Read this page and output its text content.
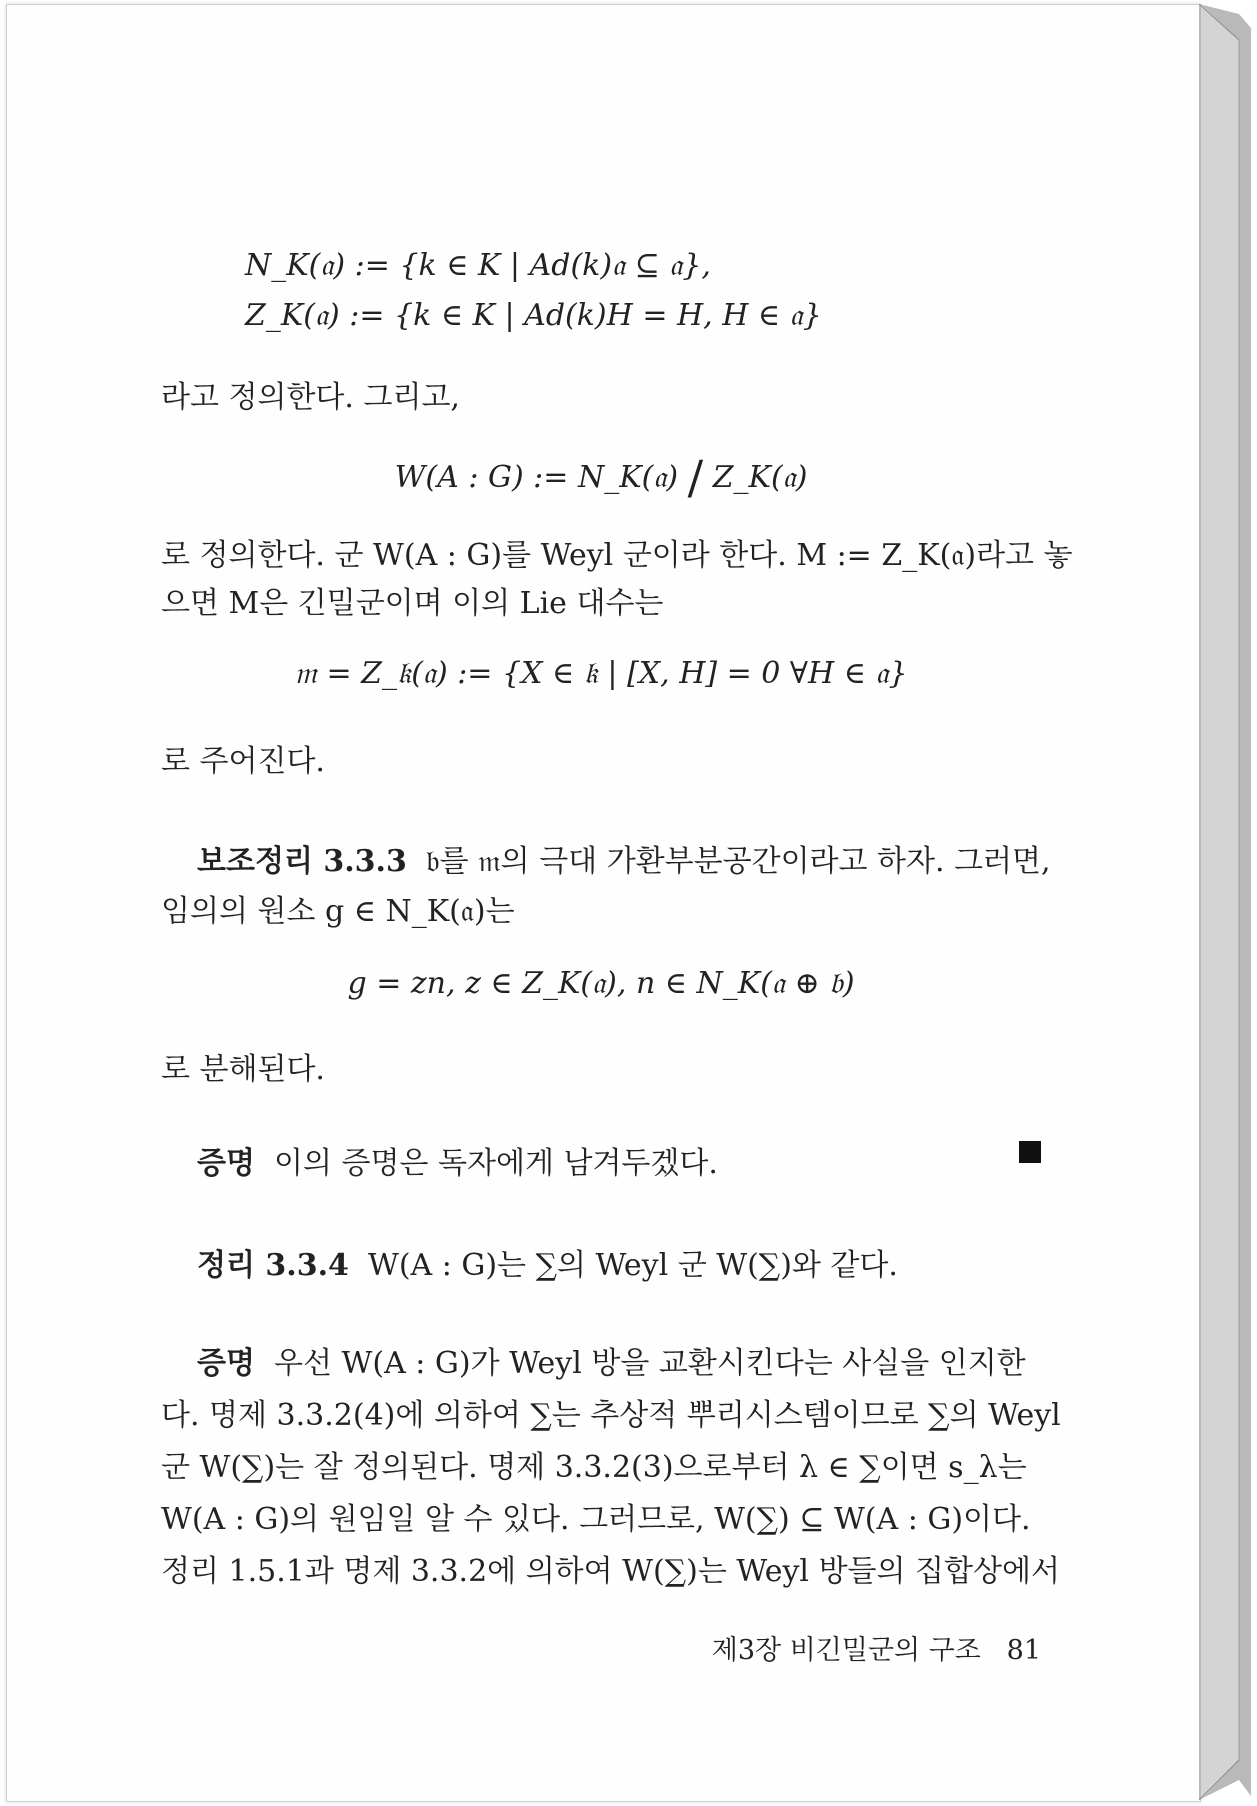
N_K(𝔞) := {k ∈ K | Ad(k)𝔞 ⊆ 𝔞},
Z_K(𝔞) := {k ∈ K | Ad(k)H = H, H ∈ 𝔞}
라고 정의한다. 그리고,
W(A : G) := N_K(𝔞) / Z_K(𝔞)
로 정의한다. 군 W(A : G)를 Weyl 군이라 한다. M := Z_K(𝔞)라고 놓
으면 M은 긴밀군이며 이의 Lie 대수는
𝔪 = Z_𝔨(𝔞) := {X ∈ 𝔨 | [X, H] = 0 ∀H ∈ 𝔞}
로 주어진다.
보조정리 3.3.3 𝔟를 𝔪의 극대 가환부분공간이라고 하자. 그러면,
임의의 원소 g ∈ N_K(𝔞)는
g = zn, z ∈ Z_K(𝔞), n ∈ N_K(𝔞 ⊕ 𝔟)
로 분해된다.
증명 이의 증명은 독자에게 남겨두겠다.
정리 3.3.4 W(A : G)는 ∑의 Weyl 군 W(∑)와 같다.
증명 우선 W(A : G)가 Weyl 방을 교환시킨다는 사실을 인지한
다. 명제 3.3.2(4)에 의하여 ∑는 추상적 뿌리시스템이므로 ∑의 Weyl
군 W(∑)는 잘 정의된다. 명제 3.3.2(3)으로부터 λ ∈ ∑이면 s_λ는
W(A : G)의 원임일 알 수 있다. 그러므로, W(∑) ⊆ W(A : G)이다.
정리 1.5.1과 명제 3.3.2에 의하여 W(∑)는 Weyl 방들의 집합상에서
제3장 비긴밀군의 구조 81
